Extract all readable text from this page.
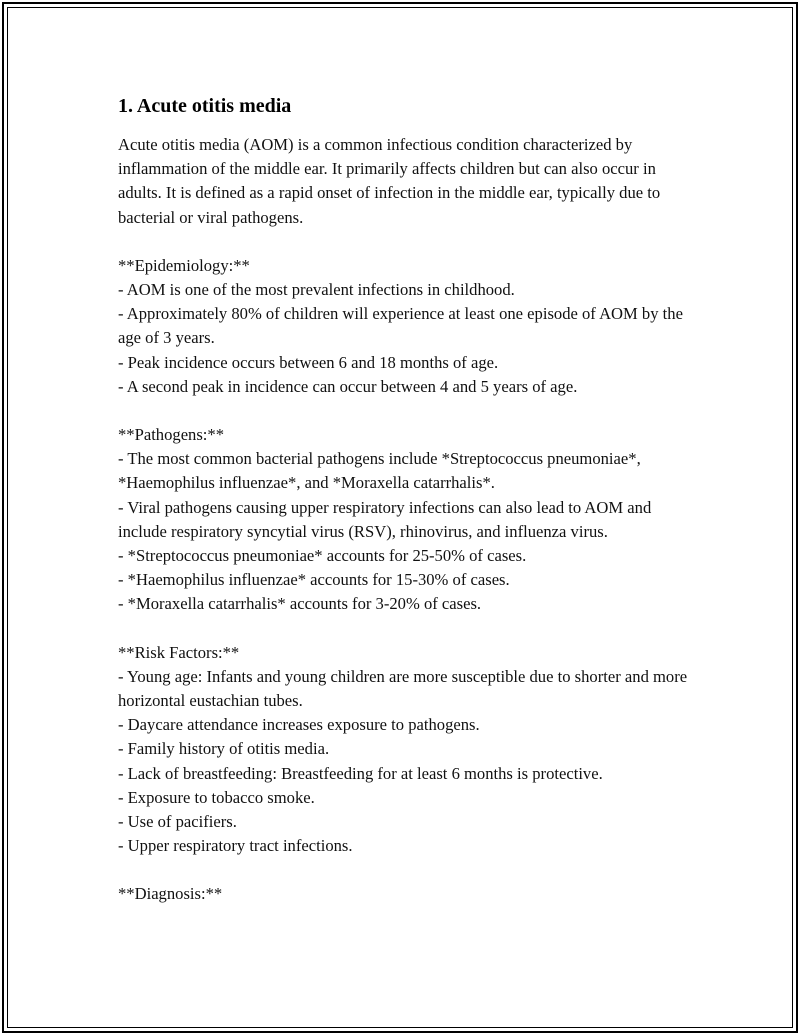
1. Acute otitis media

Acute otitis media (AOM) is a common infectious condition characterized by inflammation of the middle ear. It primarily affects children but can also occur in adults. It is defined as a rapid onset of infection in the middle ear, typically due to bacterial or viral pathogens.

**Epidemiology:**

- AOM is one of the most prevalent infections in childhood.

- Approximately 80% of children will experience at least one episode of AOM by the age of 3 years.

- Peak incidence occurs between 6 and 18 months of age.

- A second peak in incidence can occur between 4 and 5 years of age.

**Pathogens:**

- The most common bacterial pathogens include *Streptococcus pneumoniae*, *Haemophilus influenzae*, and *Moraxella catarrhalis*.

- Viral pathogens causing upper respiratory infections can also lead to AOM and include respiratory syncytial virus (RSV), rhinovirus, and influenza virus.

- *Streptococcus pneumoniae* accounts for 25-50% of cases.

- *Haemophilus influenzae* accounts for 15-30% of cases.

- *Moraxella catarrhalis* accounts for 3-20% of cases.

**Risk Factors:**

- Young age: Infants and young children are more susceptible due to shorter and more horizontal eustachian tubes.

- Daycare attendance increases exposure to pathogens.

- Family history of otitis media.

- Lack of breastfeeding: Breastfeeding for at least 6 months is protective.

- Exposure to tobacco smoke.

- Use of pacifiers.

- Upper respiratory tract infections.

**Diagnosis:**
